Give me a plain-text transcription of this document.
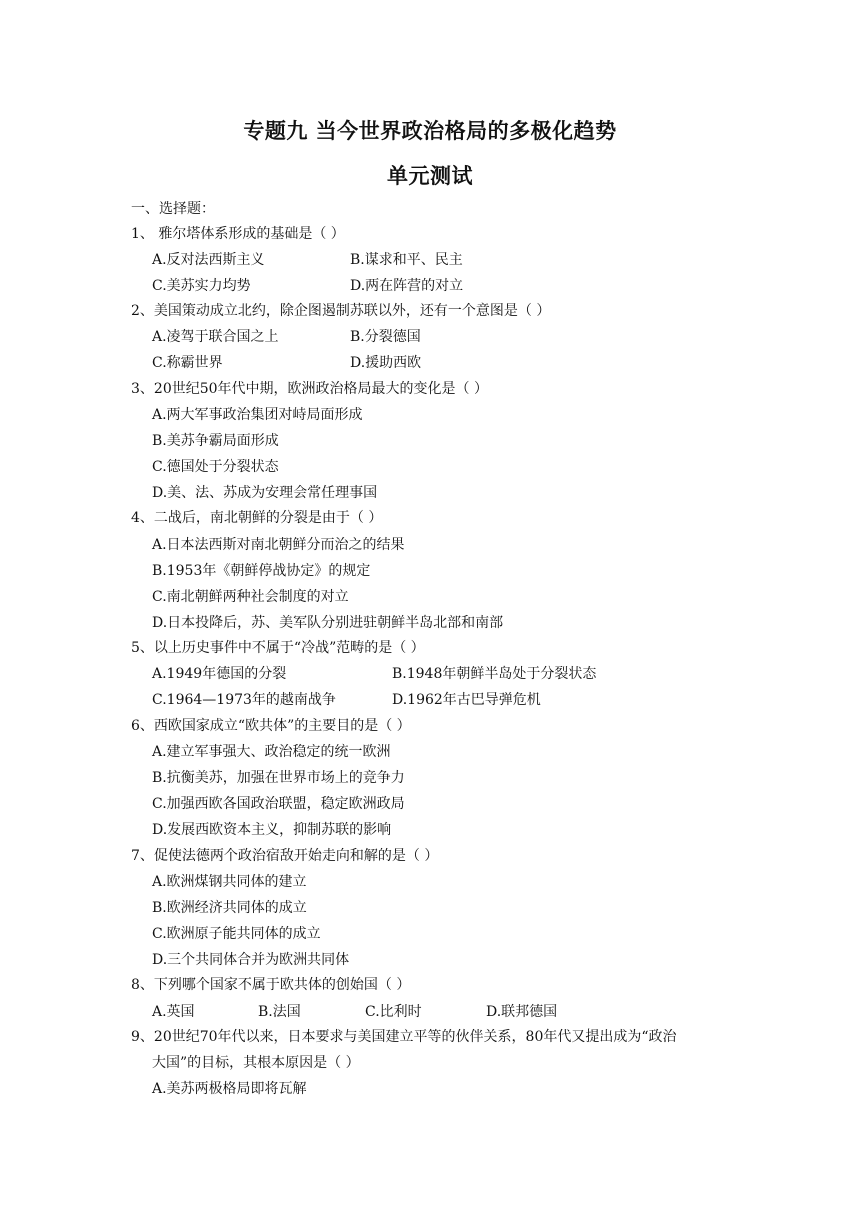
专题九 当今世界政治格局的多极化趋势
单元测试
一、选择题：
1、 雅尔塔体系形成的基础是（ ）
A.反对法西斯主义	B.谋求和平、民主
C.美苏实力均势	D.两在阵营的对立
2、美国策动成立北约，除企图遏制苏联以外，还有一个意图是（ ）
A.凌驾于联合国之上	B.分裂德国
C.称霸世界	D.援助西欧
3、20世纪50年代中期，欧洲政治格局最大的变化是（ ）
A.两大军事政治集团对峙局面形成
B.美苏争霸局面形成
C.德国处于分裂状态
D.美、法、苏成为安理会常任理事国
4、二战后，南北朝鲜的分裂是由于（ ）
A.日本法西斯对南北朝鲜分而治之的结果
B.1953年《朝鲜停战协定》的规定
C.南北朝鲜两种社会制度的对立
D.日本投降后，苏、美军队分别进驻朝鲜半岛北部和南部
5、以上历史事件中不属于“冷战”范畴的是（ ）
A.1949年德国的分裂	B.1948年朝鲜半岛处于分裂状态
C.1964—1973年的越南战争	D.1962年古巴导弹危机
6、西欧国家成立“欧共体”的主要目的是（ ）
A.建立军事强大、政治稳定的统一欧洲
B.抗衡美苏，加强在世界市场上的竞争力
C.加强西欧各国政治联盟，稳定欧洲政局
D.发展西欧资本主义，抑制苏联的影响
7、促使法德两个政治宿敌开始走向和解的是（ ）
A.欧洲煤钢共同体的建立
B.欧洲经济共同体的成立
C.欧洲原子能共同体的成立
D.三个共同体合并为欧洲共同体
8、下列哪个国家不属于欧共体的创始国（ ）
A.英国	B.法国	C.比利时	D.联邦德国
9、20世纪70年代以来，日本要求与美国建立平等的伙伴关系，80年代又提出成为“政治
大国”的目标，其根本原因是（ ）
A.美苏两极格局即将瓦解
